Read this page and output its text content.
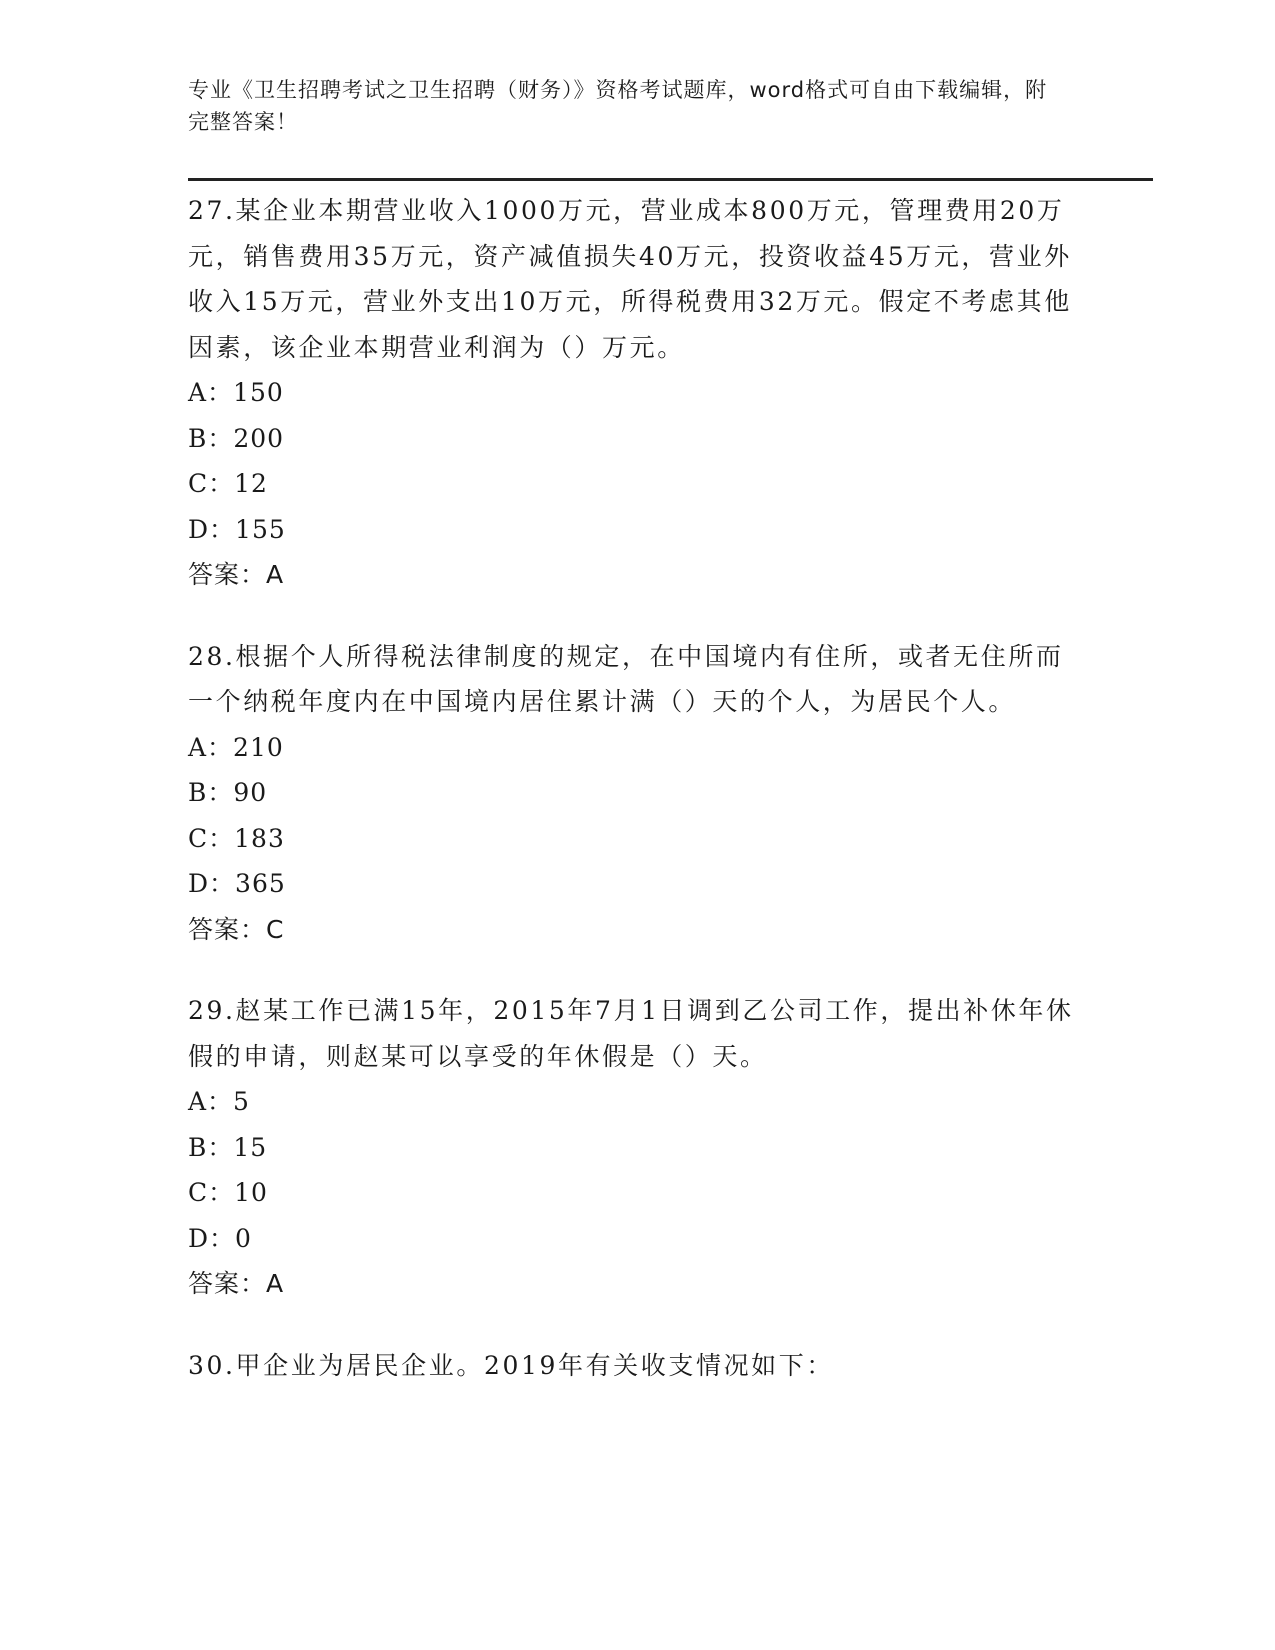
专业《卫生招聘考试之卫生招聘（财务）》资格考试题库，word格式可自由下载编辑，附完整答案！

27.某企业本期营业收入1000万元，营业成本800万元，管理费用20万元，销售费用35万元，资产减值损失40万元，投资收益45万元，营业外收入15万元，营业外支出10万元，所得税费用32万元。假定不考虑其他因素，该企业本期营业利润为（）万元。

A：150

B：200

C：12

D：155

答案：A

28.根据个人所得税法律制度的规定，在中国境内有住所，或者无住所而一个纳税年度内在中国境内居住累计满（）天的个人，为居民个人。

A：210

B：90

C：183

D：365

答案：C

29.赵某工作已满15年，2015年7月1日调到乙公司工作，提出补休年休假的申请，则赵某可以享受的年休假是（）天。

A：5

B：15

C：10

D：0

答案：A

30.甲企业为居民企业。2019年有关收支情况如下：
